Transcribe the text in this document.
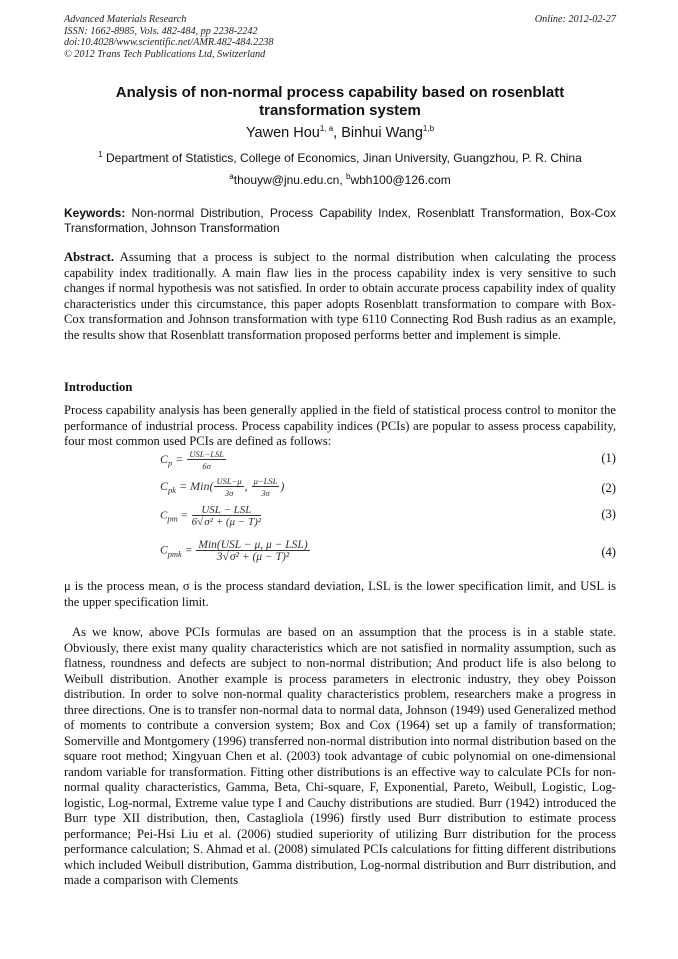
Advanced Materials Research
ISSN: 1662-8985, Vols. 482-484, pp 2238-2242
doi:10.4028/www.scientific.net/AMR.482-484.2238
© 2012 Trans Tech Publications Ltd, Switzerland
Online: 2012-02-27
Analysis of non-normal process capability based on rosenblatt transformation system
Yawen Hou$^{1, a}$, Binhui Wang$^{1,b}$
$^1$ Department of Statistics, College of Economics, Jinan University, Guangzhou, P. R. China
$^a$thouyw@jnu.edu.cn, $^b$wbh100@126.com
Keywords: Non-normal Distribution, Process Capability Index, Rosenblatt Transformation, Box-Cox Transformation, Johnson Transformation
Abstract. Assuming that a process is subject to the normal distribution when calculating the process capability index traditionally. A main flaw lies in the process capability index is very sensitive to such changes if normal hypothesis was not satisfied. In order to obtain accurate process capability index of quality characteristics under this circumstance, this paper adopts Rosenblatt transformation to compare with Box-Cox transformation and Johnson transformation with type 6110 Connecting Rod Bush radius as an example, the results show that Rosenblatt transformation proposed performs better and implement is simple.
Introduction
Process capability analysis has been generally applied in the field of statistical process control to monitor the performance of industrial process. Process capability indices (PCIs) are popular to assess process capability, four most common used PCIs are defined as follows:
$C_p = \frac{\text{USL−LSL}}{6\sigma}$	(1)
$C_{pk} = Min( \frac{\text{USL−μ}}{3\sigma}$ , $\frac{\text{μ−LSL}}{3\sigma}$ )	(2)
$C_{pm} = \frac{\text{USL − LSL}}{\text{6√σ² + (μ − T)²}}$	(3)
$C_{pmk} = \frac{\text{Min(USL − μ, μ − LSL)}}{\text{3√σ² + (μ − T)²}}$	(4)
μ is the process mean, σ is the process standard deviation, LSL is the lower specification limit, and USL is the upper specification limit.
As we know, above PCIs formulas are based on an assumption that the process is in a stable state. Obviously, there exist many quality characteristics which are not satisfied in normality assumption, such as flatness, roundness and defects are subject to non-normal distribution; And product life is also belong to Weibull distribution. Another example is process parameters in electronic industry, they obey Poisson distribution. In order to solve non-normal quality characteristics problem, researchers make a progress in three directions. One is to transfer non-normal data to normal data, Johnson (1949) used Generalized method of moments to contribute a conversion system; Box and Cox (1964) set up a family of transformation; Somerville and Montgomery (1996) transferred non-normal distribution into normal distribution based on the square root method; Xingyuan Chen et al. (2003) took advantage of cubic polynomial on one-dimensional random variable for transformation. Fitting other distributions is an effective way to calculate PCIs for non-normal quality characteristics, Gamma, Beta, Chi-square, F, Exponential, Pareto, Weibull, Logistic, Log-logistic, Log-normal, Extreme value type I and Cauchy distributions are studied. Burr (1942) introduced the Burr type XII distribution, then, Castagliola (1996) firstly used Burr distribution to estimate process performance; Pei-Hsi Liu et al. (2006) studied superiority of utilizing Burr distribution for the process performance calculation; S. Ahmad et al. (2008) simulated PCIs calculations for fitting different distributions which included Weibull distribution, Gamma distribution, Log-normal distribution and Burr distribution, and made a comparison with Clements
